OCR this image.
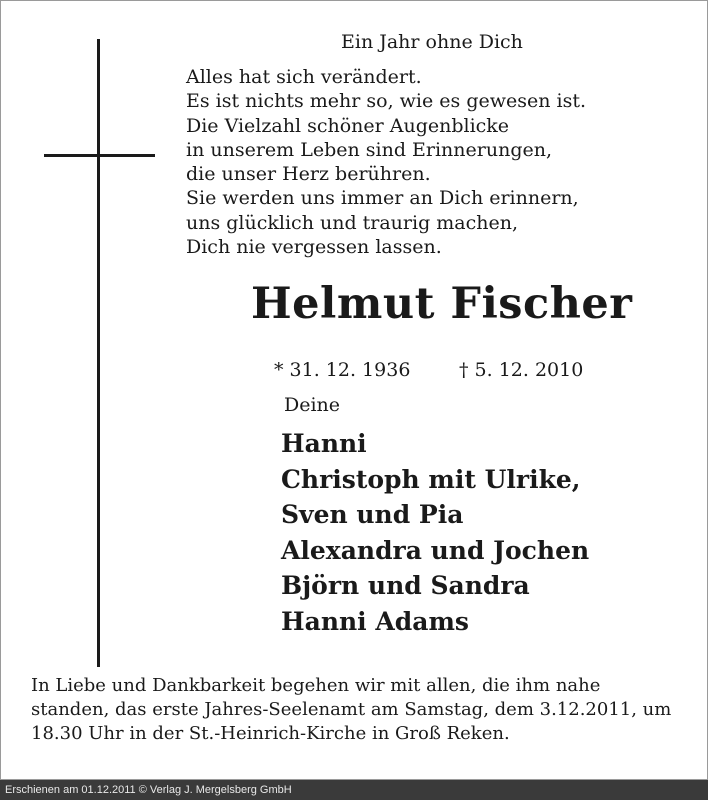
Ein Jahr ohne Dich
Alles hat sich verändert.
Es ist nichts mehr so, wie es gewesen ist.
Die Vielzahl schöner Augenblicke
in unserem Leben sind Erinnerungen,
die unser Herz berühren.
Sie werden uns immer an Dich erinnern,
uns glücklich und traurig machen,
Dich nie vergessen lassen.
Helmut Fischer
* 31. 12. 1936	† 5. 12. 2010
Deine
Hanni
Christoph mit Ulrike,
Sven und Pia
Alexandra und Jochen
Björn und Sandra
Hanni Adams
In Liebe und Dankbarkeit begehen wir mit allen, die ihm nahe
standen, das erste Jahres-Seelenamt am Samstag, dem 3.12.2011, um
18.30 Uhr in der St.-Heinrich-Kirche in Groß Reken.
Erschienen am 01.12.2011 © Verlag J. Mergelsberg GmbH
